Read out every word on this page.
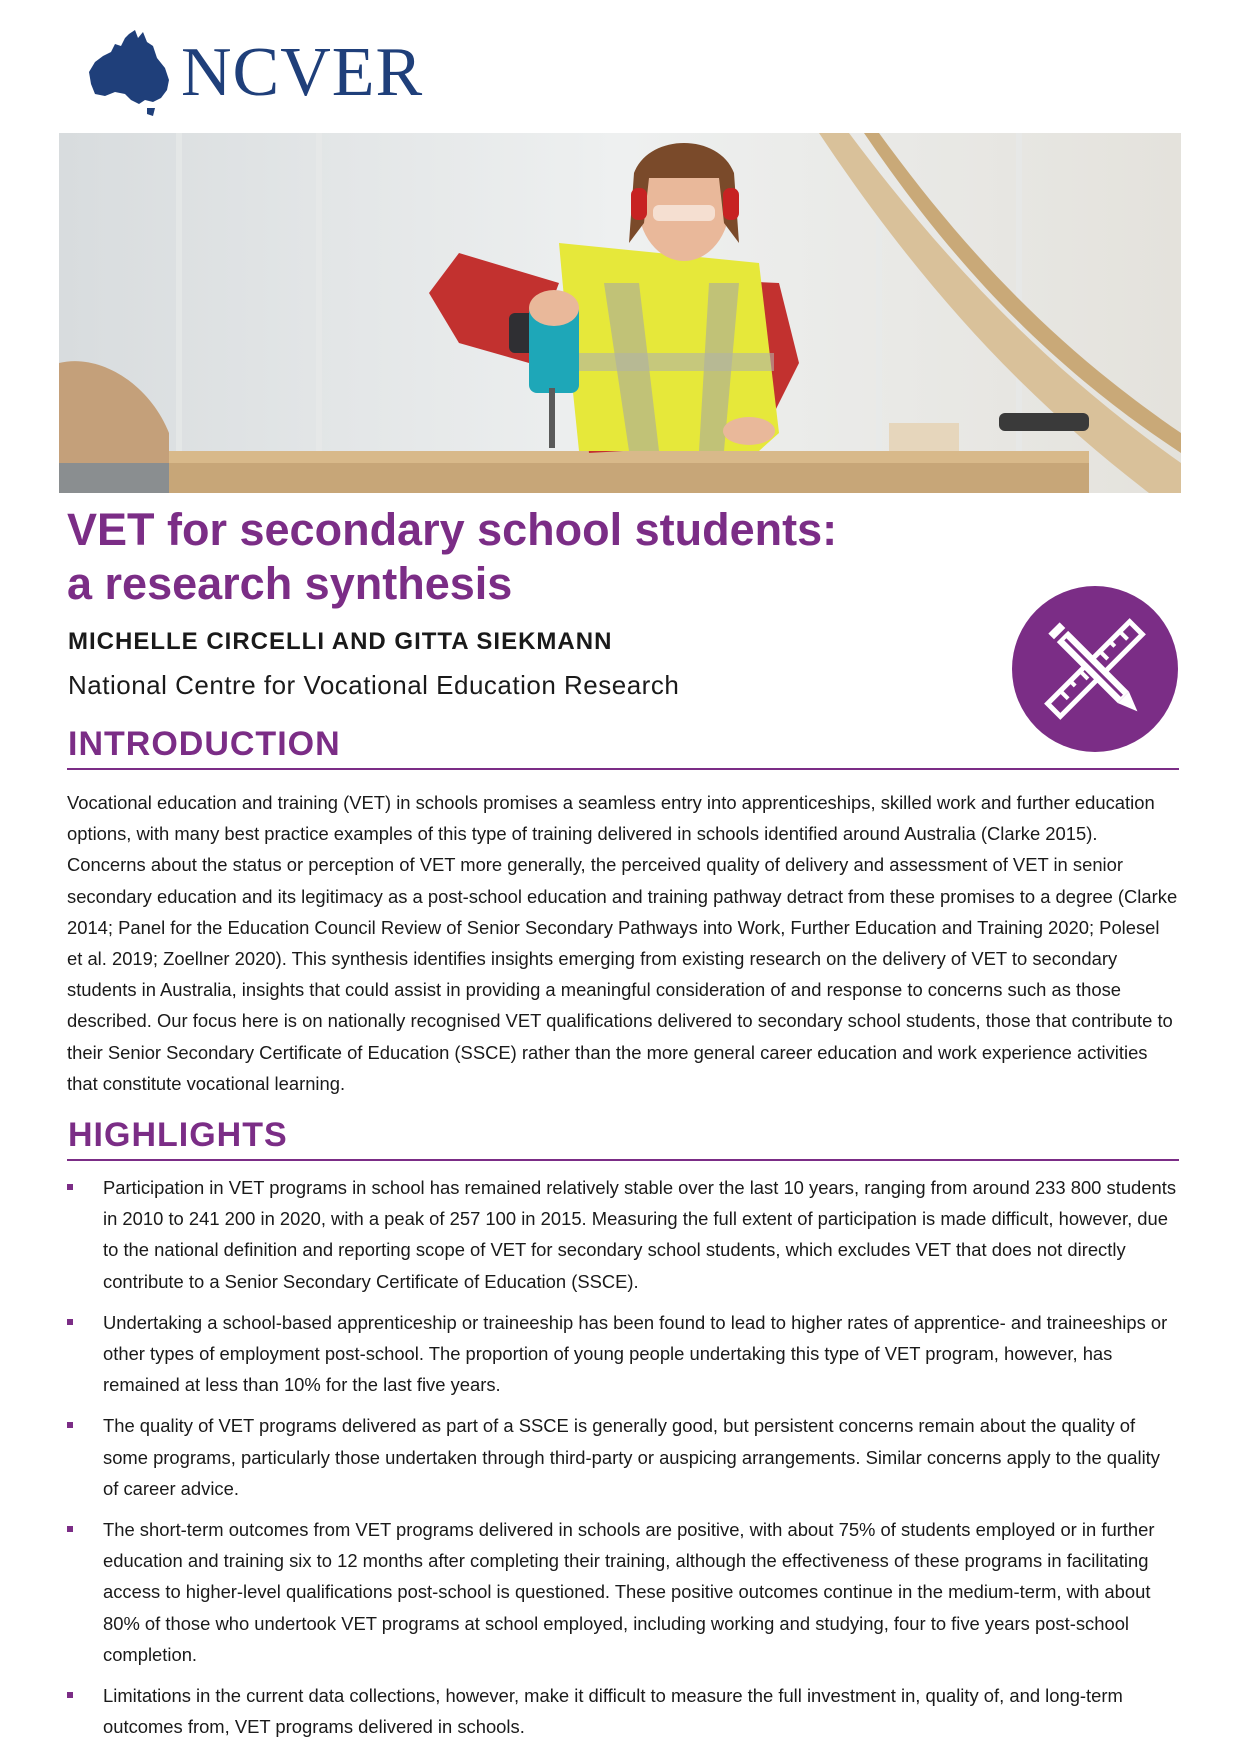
NCVER
VET for secondary school students:
a research synthesis
MICHELLE CIRCELLI AND GITTA SIEKMANN
National Centre for Vocational Education Research
INTRODUCTION

Vocational education and training (VET) in schools promises a seamless entry into apprenticeships, skilled work and further education options, with many best practice examples of this type of training delivered in schools identified around Australia (Clarke 2015). Concerns about the status or perception of VET more generally, the perceived quality of delivery and assessment of VET in senior secondary education and its legitimacy as a post-school education and training pathway detract from these promises to a degree (Clarke 2014; Panel for the Education Council Review of Senior Secondary Pathways into Work, Further Education and Training 2020; Polesel et al. 2019; Zoellner 2020). This synthesis identifies insights emerging from existing research on the delivery of VET to secondary students in Australia, insights that could assist in providing a meaningful consideration of and response to concerns such as those described. Our focus here is on nationally recognised VET qualifications delivered to secondary school students, those that contribute to their Senior Secondary Certificate of Education (SSCE) rather than the more general career education and work experience activities that constitute vocational learning.

HIGHLIGHTS
Participation in VET programs in school has remained relatively stable over the last 10 years, ranging from around 233 800 students in 2010 to 241 200 in 2020, with a peak of 257 100 in 2015. Measuring the full extent of participation is made difficult, however, due to the national definition and reporting scope of VET for secondary school students, which excludes VET that does not directly contribute to a Senior Secondary Certificate of Education (SSCE).
Undertaking a school-based apprenticeship or traineeship has been found to lead to higher rates of apprentice- and traineeships or other types of employment post-school. The proportion of young people undertaking this type of VET program, however, has remained at less than 10% for the last five years.
The quality of VET programs delivered as part of a SSCE is generally good, but persistent concerns remain about the quality of some programs, particularly those undertaken through third-party or auspicing arrangements. Similar concerns apply to the quality of career advice.
The short-term outcomes from VET programs delivered in schools are positive, with about 75% of students employed or in further education and training six to 12 months after completing their training, although the effectiveness of these programs in facilitating access to higher-level qualifications post-school is questioned. These positive outcomes continue in the medium-term, with about 80% of those who undertook VET programs at school employed, including working and studying, four to five years post-school completion.
Limitations in the current data collections, however, make it difficult to measure the full investment in, quality of, and long-term outcomes from, VET programs delivered in schools.
